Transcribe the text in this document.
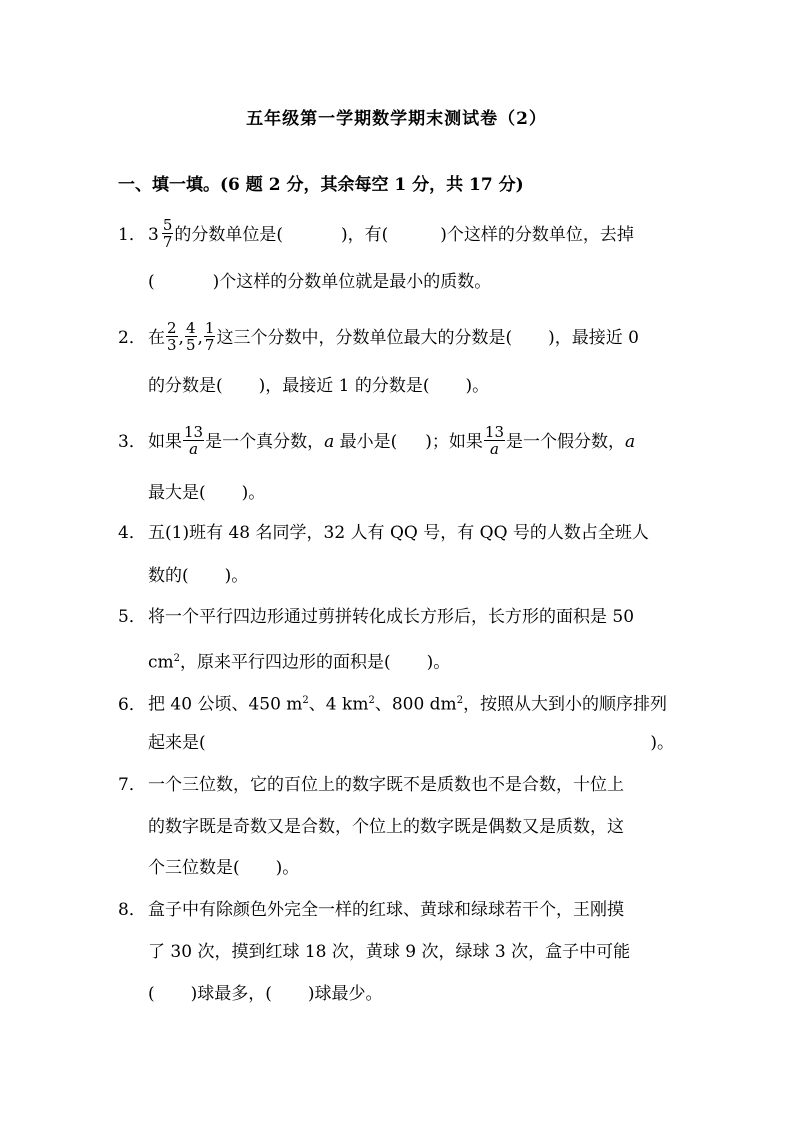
五年级第一学期数学期末测试卷（2）
一、填一填。(6 题 2 分，其余每空 1 分，共 17 分)
1． $3 \frac{5}{7}$ 的分数单位是(	)，有(	)个这样的分数单位，去掉
(	)个这样的分数单位就是最小的质数。
2． 在 $\frac{2}{3}$ , $\frac{4}{5}$ , $\frac{1}{7}$ 这三个分数中，分数单位最大的分数是( )，最接近 0
的分数是( )，最接近 1 的分数是( )。
3． 如果 $\frac{13}{a}$ 是一个真分数，a 最小是( )；如果 $\frac{13}{a}$ 是一个假分数，a
最大是( )。
4． 五(1)班有 48 名同学，32 人有 QQ 号，有 QQ 号的人数占全班人
数的( )。
5． 将一个平行四边形通过剪拼转化成长方形后，长方形的面积是 50
$cm^2$，原来平行四边形的面积是( )。
6． 把 40 公顷、450 $m^2$、4 $km^2$、800 $dm^2$，按照从大到小的顺序排列
起来是(	)。
7． 一个三位数，它的百位上的数字既不是质数也不是合数，十位上
的数字既是奇数又是合数，个位上的数字既是偶数又是质数，这
个三位数是( )。
8． 盒子中有除颜色外完全一样的红球、黄球和绿球若干个，王刚摸
了 30 次，摸到红球 18 次，黄球 9 次，绿球 3 次，盒子中可能
( )球最多，( )球最少。
